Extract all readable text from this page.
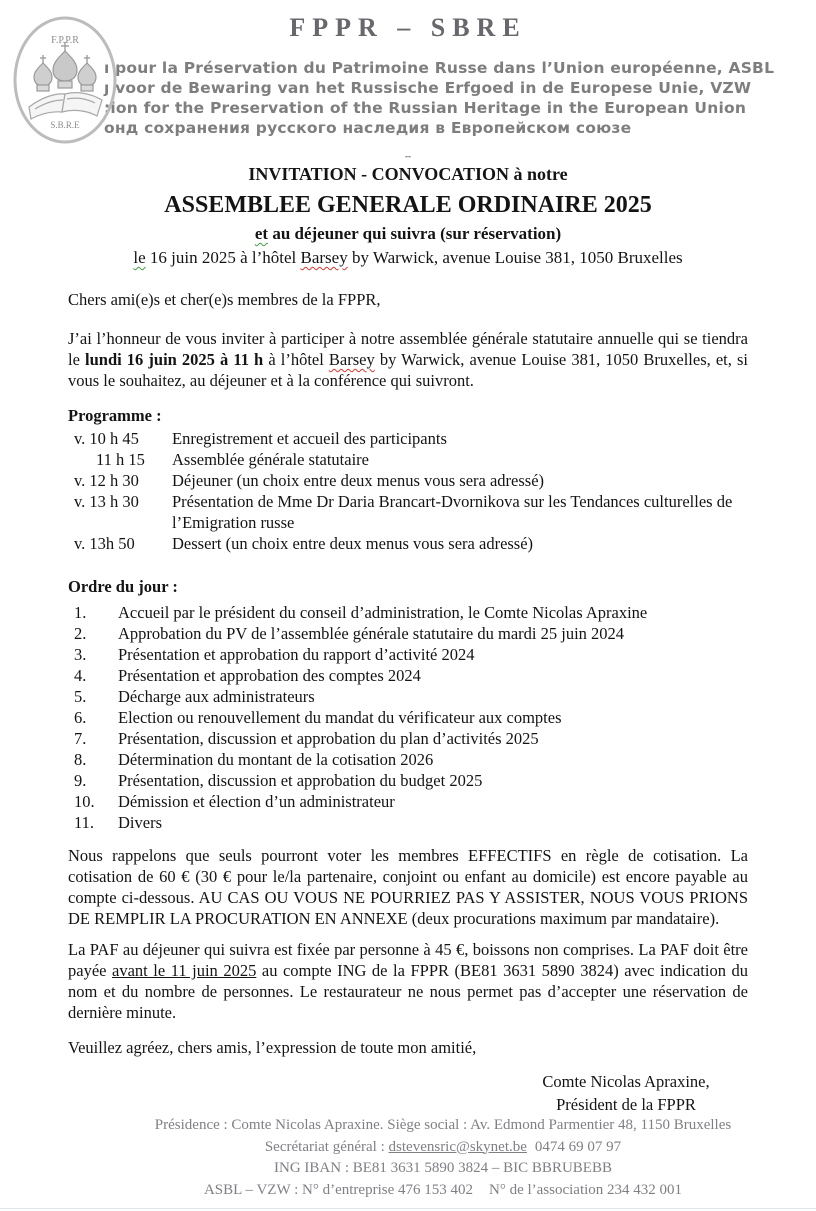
F.P.P.R
S.B.R.E
FPPR – SBRE
ı pour la Préservation du Patrimoine Russe dans l’Union européenne, ASBL
ȷ voor de Bewaring van het Russische Erfgoed in de Europese Unie, VZW
:ion for the Preservation of the Russian Heritage in the European Union
онд сохранения русского наследия в Европейском союзе
--
INVITATION - CONVOCATION à notre
ASSEMBLEE GENERALE ORDINAIRE 2025
et au déjeuner qui suivra (sur réservation)
le 16 juin 2025 à l’hôtel Barsey by Warwick, avenue Louise 381, 1050 Bruxelles
Chers ami(e)s et cher(e)s membres de la FPPR,
J’ai l’honneur de vous inviter à participer à notre assemblée générale statutaire annuelle qui se tiendra le lundi 16 juin 2025 à 11 h à l’hôtel Barsey by Warwick, avenue Louise 381, 1050 Bruxelles, et, si vous le souhaitez, au déjeuner et à la conférence qui suivront.
Programme :
v. 10 h 45	Enregistrement et accueil des participants
11 h 15	Assemblée générale statutaire
v. 12 h 30	Déjeuner (un choix entre deux menus vous sera adressé)
v. 13 h 30	Présentation de Mme Dr Daria Brancart-Dvornikova sur les Tendances culturelles de l’Emigration russe
v. 13h 50	Dessert (un choix entre deux menus vous sera adressé)
Ordre du jour :
1.	Accueil par le président du conseil d’administration, le Comte Nicolas Apraxine
2.	Approbation du PV de l’assemblée générale statutaire du mardi 25 juin 2024
3.	Présentation et approbation du rapport d’activité 2024
4.	Présentation et approbation des comptes 2024
5.	Décharge aux administrateurs
6.	Election ou renouvellement du mandat du vérificateur aux comptes
7.	Présentation, discussion et approbation du plan d’activités 2025
8.	Détermination du montant de la cotisation 2026
9.	Présentation, discussion et approbation du budget 2025
10.	Démission et élection d’un administrateur
11.	Divers
Nous rappelons que seuls pourront voter les membres EFFECTIFS en règle de cotisation. La cotisation de 60 € (30 € pour le/la partenaire, conjoint ou enfant au domicile) est encore payable au compte ci-dessous. AU CAS OU VOUS NE POURRIEZ PAS Y ASSISTER, NOUS VOUS PRIONS DE REMPLIR LA PROCURATION EN ANNEXE (deux procurations maximum par mandataire).
La PAF au déjeuner qui suivra est fixée par personne à 45 €, boissons non comprises. La PAF doit être payée avant le 11 juin 2025 au compte ING de la FPPR (BE81 3631 5890 3824) avec indication du nom et du nombre de personnes. Le restaurateur ne nous permet pas d’accepter une réservation de dernière minute.
Veuillez agréez, chers amis, l’expression de toute mon amitié,
Comte Nicolas Apraxine,
Président de la FPPR
Présidence : Comte Nicolas Apraxine. Siège social : Av. Edmond Parmentier 48, 1150 Bruxelles
Secrétariat général : dstevensric@skynet.be 0474 69 07 97
ING IBAN : BE81 3631 5890 3824 – BIC BBRUBEBB
ASBL – VZW : N° d’entreprise 476 153 402 N° de l’association 234 432 001
